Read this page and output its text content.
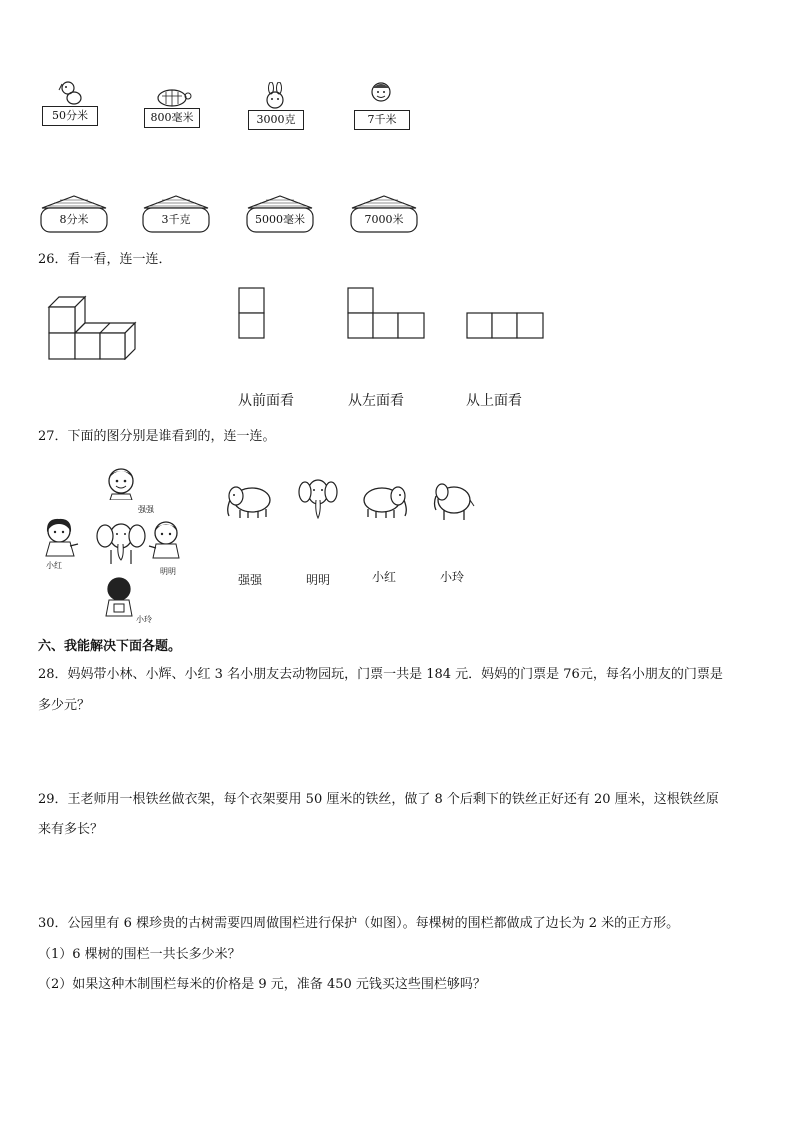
50分米	800毫米	3000克	7千米
8分米	3千克	5000毫米	7000米
26．看一看，连一连．
从前面看	从左面看	从上面看
27．下面的图分别是谁看到的，连一连。
强强
小红
明明
小玲
强强	明明	小红	小玲
六、我能解决下面各题。
28．妈妈带小林、小辉、小红 3 名小朋友去动物园玩，门票一共是 184 元．妈妈的门票是 76元，每名小朋友的门票是
多少元？
29．王老师用一根铁丝做衣架，每个衣架要用 50 厘米的铁丝，做了 8 个后剩下的铁丝正好还有 20 厘米，这根铁丝原
来有多长？
30．公园里有 6 棵珍贵的古树需要四周做围栏进行保护（如图）。每棵树的围栏都做成了边长为 2 米的正方形。
（1）6 棵树的围栏一共长多少米？
（2）如果这种木制围栏每米的价格是 9 元，准备 450 元钱买这些围栏够吗？
